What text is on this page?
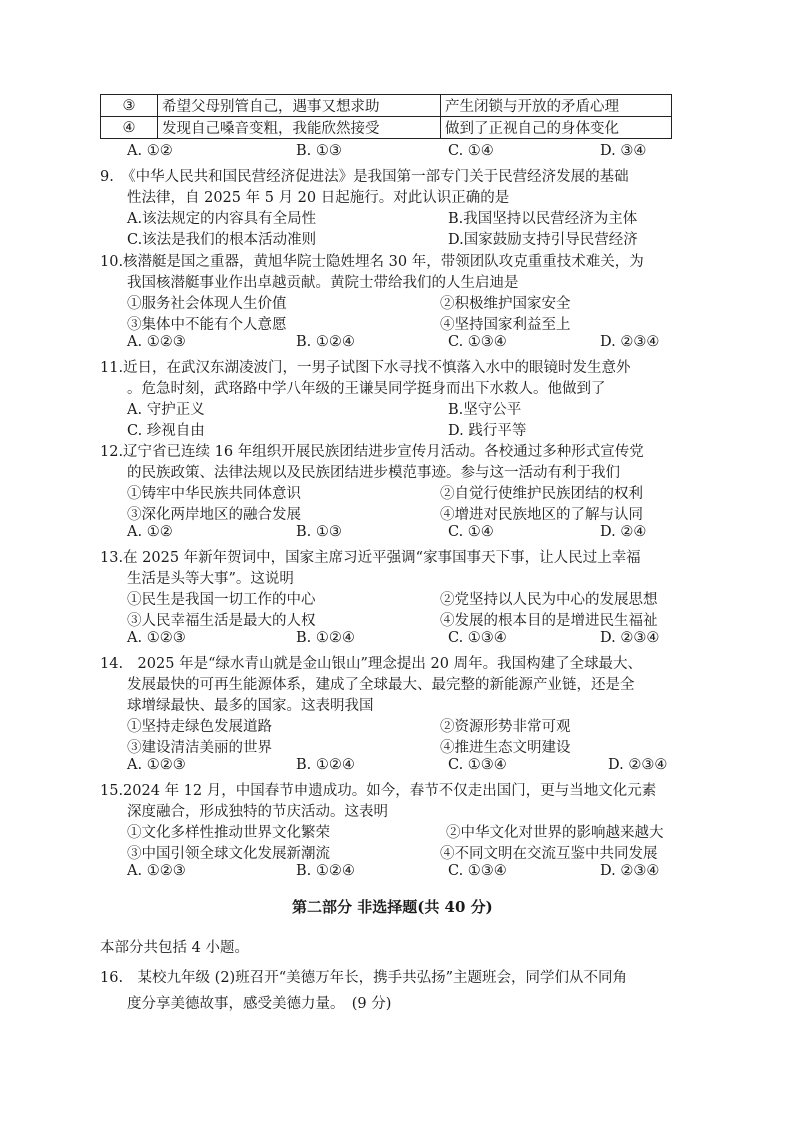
③	希望父母别管自己，遇事又想求助	产生闭锁与开放的矛盾心理
④	发现自己嗓音变粗，我能欣然接受	做到了正视自己的身体变化
A. ①②	B. ①③	C. ①④	D. ③④
9.　《中华人民共和国民营经济促进法》是我国第一部专门关于民营经济发展的基础
性法律，自 2025 年 5 月 20 日起施行。对此认识正确的是
A.该法规定的内容具有全局性	B.我国坚持以民营经济为主体
C.该法是我们的根本活动准则	D.国家鼓励支持引导民营经济
10.核潜艇是国之重器，黄旭华院士隐姓埋名 30 年，带领团队攻克重重技术难关，为
我国核潜艇事业作出卓越贡献。黄院士带给我们的人生启迪是
①服务社会体现人生价值	②积极维护国家安全
③集体中不能有个人意愿	④坚持国家利益至上
A. ①②③	B. ①②④	C. ①③④	D. ②③④
11.近日，在武汉东湖凌波门，一男子试图下水寻找不慎落入水中的眼镜时发生意外
。危急时刻，武珞路中学八年级的王谦昊同学挺身而出下水救人。他做到了
A. 守护正义	B.坚守公平
C. 珍视自由	D. 践行平等
12.辽宁省已连续 16 年组织开展民族团结进步宣传月活动。各校通过多种形式宣传党
的民族政策、法律法规以及民族团结进步模范事迹。参与这一活动有利于我们
①铸牢中华民族共同体意识	②自觉行使维护民族团结的权利
③深化两岸地区的融合发展	④增进对民族地区的了解与认同
A. ①②	B. ①③	C. ①④	D. ②④
13.在 2025 年新年贺词中，国家主席习近平强调“家事国事天下事，让人民过上幸福
生活是头等大事”。这说明
①民生是我国一切工作的中心	②党坚持以人民为中心的发展思想
③人民幸福生活是最大的人权	④发展的根本目的是增进民生福祉
A. ①②③	B. ①②④	C. ①③④	D. ②③④
14.　2025 年是“绿水青山就是金山银山”理念提出 20 周年。我国构建了全球最大、
发展最快的可再生能源体系，建成了全球最大、最完整的新能源产业链，还是全
球增绿最快、最多的国家。这表明我国
①坚持走绿色发展道路	②资源形势非常可观
③建设清洁美丽的世界	④推进生态文明建设
A. ①②③	B. ①②④	C. ①③④	D. ②③④
15.2024 年 12 月，中国春节申遗成功。如今，春节不仅走出国门，更与当地文化元素
深度融合，形成独特的节庆活动。这表明
①文化多样性推动世界文化繁荣	②中华文化对世界的影响越来越大
③中国引领全球文化发展新潮流	④不同文明在交流互鉴中共同发展
A. ①②③	B. ①②④	C. ①③④	D. ②③④
第二部分 非选择题(共 40 分)
本部分共包括 4 小题。
16.　某校九年级 (2)班召开“美德万年长，携手共弘扬”主题班会，同学们从不同角
度分享美德故事，感受美德力量。　(9 分)
